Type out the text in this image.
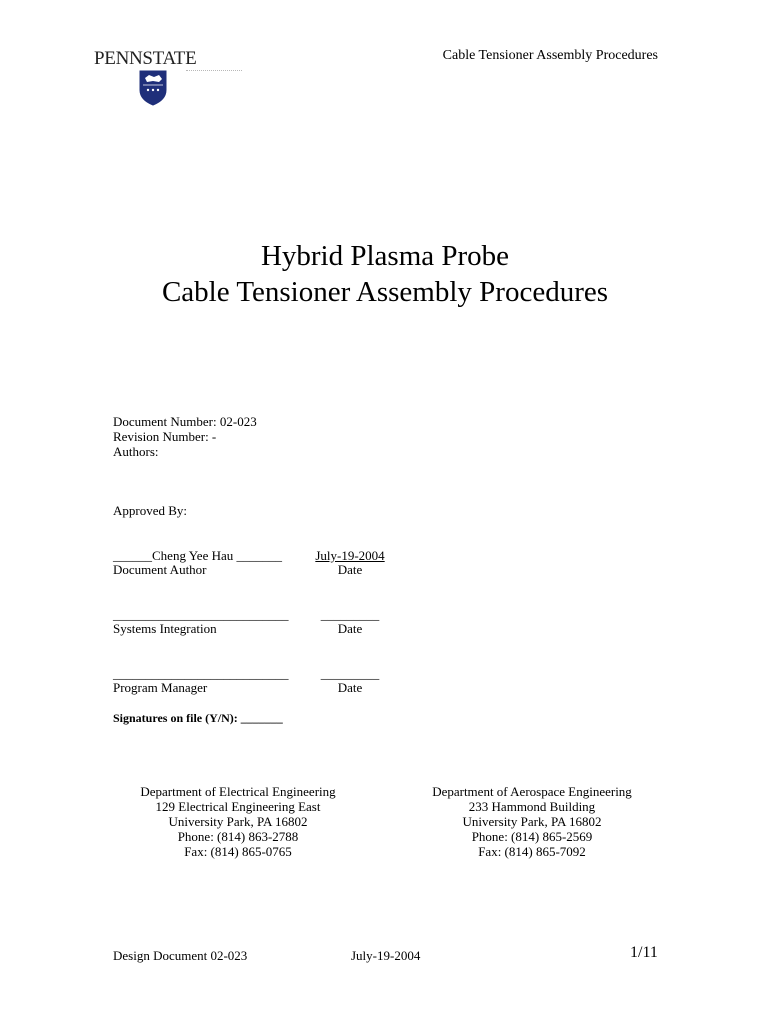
PENNSTATE	Cable Tensioner Assembly Procedures
Hybrid Plasma Probe
Cable Tensioner Assembly Procedures
Document Number: 02-023
Revision Number: -
Authors:
Approved By:
______Cheng Yee Hau _______	July-19-2004
Document Author	Date
___________________________	_________
Systems Integration	Date
___________________________	_________
Program Manager	Date
Signatures on file (Y/N): _______
Department of Electrical Engineering
129 Electrical Engineering East
University Park, PA 16802
Phone: (814) 863-2788
Fax: (814) 865-0765
Department of Aerospace Engineering
233 Hammond Building
University Park, PA 16802
Phone: (814) 865-2569
Fax: (814) 865-7092
Design Document 02-023	July-19-2004	1/11
